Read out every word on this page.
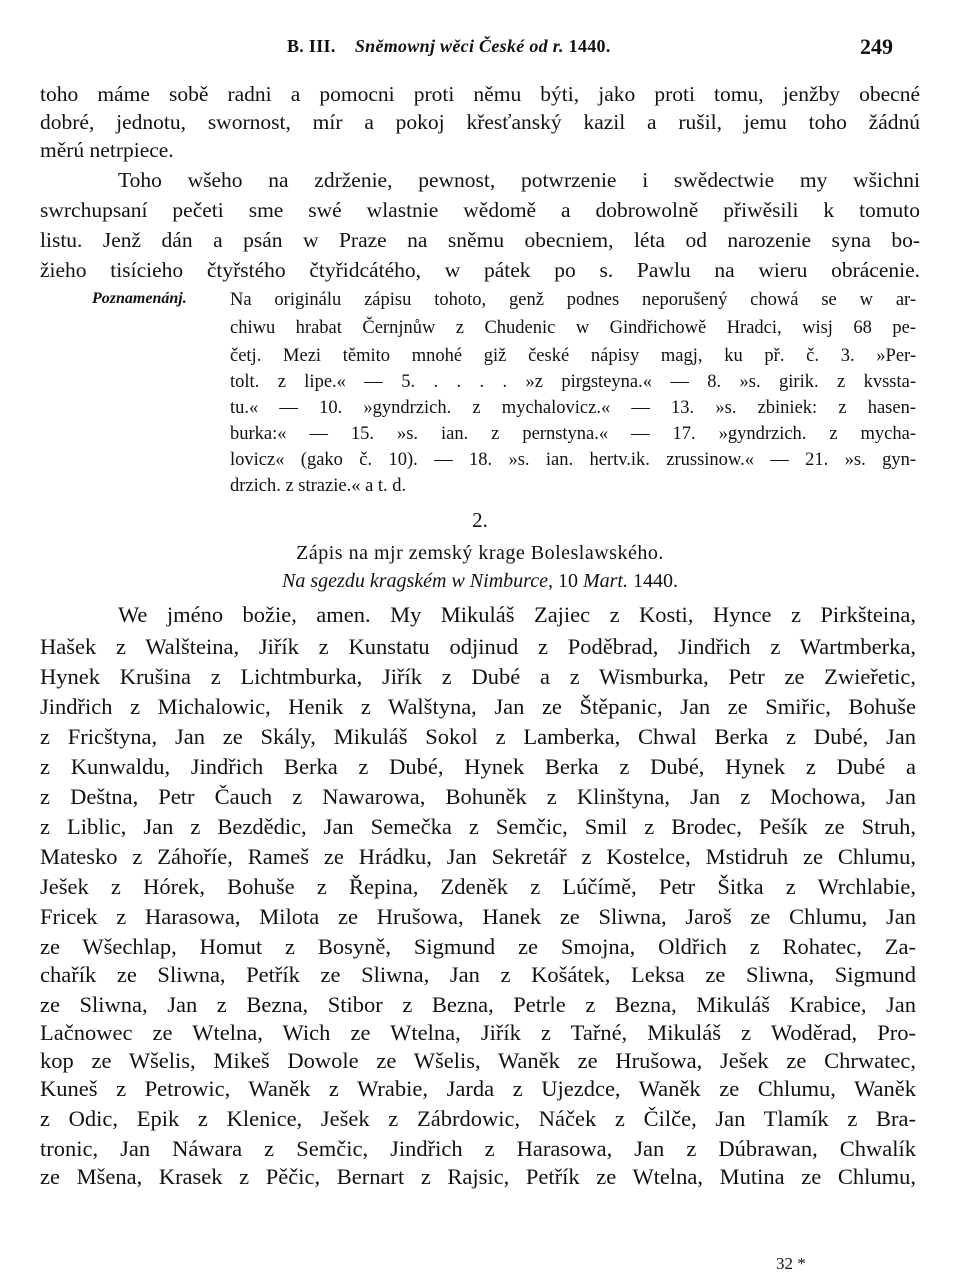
B. III. Sněmownj wěci České od r. 1440.	249
toho máme sobě radni a pomocni proti němu býti, jako proti tomu, jenžby obecné
dobré, jednotu, swornost, mír a pokoj křesťanský kazil a rušil, jemu toho žádnú
měrú netrpiece.
Toho wšeho na zdrženie, pewnost, potwrzenie i swědectwie my wšichni
swrchupsaní pečeti sme swé wlastnie wědomě a dobrowolně přiwěsili k tomuto
listu. Jenž dán a psán w Praze na sněmu obecniem, léta od narozenie syna bo-
žieho tisícieho čtyřstého čtyřidcátého, w pátek po s. Pawlu na wieru obrácenie.
Poznamenánj. Na originálu zápisu tohoto, genž podnes neporušený chowá se w ar-
chiwu hrabat Černjnůw z Chudenic w Gindřichowě Hradci, wisj 68 pe-
četj. Mezi těmito mnohé giž české nápisy magj, ku př. č. 3. »Per-
tolt. z lipe.« — 5. . . . . »z pirgsteyna.« — 8. »s. girik. z kvssta-
tu.« — 10. »gyndrzich. z mychalovicz.« — 13. »s. zbiniek: z hasen-
burka:« — 15. »s. ian. z pernstyna.« — 17. »gyndrzich. z mycha-
lovicz« (gako č. 10). — 18. »s. ian. hertv.ik. zrussinow.« — 21. »s. gyn-
drzich. z strazie.« a t. d.
2.
Zápis na mjr zemský krage Boleslawského.
Na sgezdu kragském w Nimburce, 10 Mart. 1440.
We jméno božie, amen. My Mikuláš Zajiec z Kosti, Hynce z Pirkšteina,
Hašek z Walšteina, Jiřík z Kunstatu odjinud z Poděbrad, Jindřich z Wartmberka,
Hynek Krušina z Lichtmburka, Jiřík z Dubé a z Wismburka, Petr ze Zwieřetic,
Jindřich z Michalowic, Henik z Walštyna, Jan ze Štěpanic, Jan ze Smiřic, Bohuše
z Fricštyna, Jan ze Skály, Mikuláš Sokol z Lamberka, Chwal Berka z Dubé, Jan
z Kunwaldu, Jindřich Berka z Dubé, Hynek Berka z Dubé, Hynek z Dubé a
z Deštna, Petr Čauch z Nawarowa, Bohuněk z Klinštyna, Jan z Mochowa, Jan
z Liblic, Jan z Bezdědic, Jan Semečka z Semčic, Smil z Brodec, Pešík ze Struh,
Matesko z Záhoříe, Rameš ze Hrádku, Jan Sekretář z Kostelce, Mstidruh ze Chlumu,
Ješek z Hórek, Bohuše z Řepina, Zdeněk z Lúčímě, Petr Šitka z Wrchlabie,
Fricek z Harasowa, Milota ze Hrušowa, Hanek ze Sliwna, Jaroš ze Chlumu, Jan
ze Wšechlap, Homut z Bosyně, Sigmund ze Smojna, Oldřich z Rohatec, Za-
chařík ze Sliwna, Petřík ze Sliwna, Jan z Košátek, Leksa ze Sliwna, Sigmund
ze Sliwna, Jan z Bezna, Stibor z Bezna, Petrle z Bezna, Mikuláš Krabice, Jan
Lačnowec ze Wtelna, Wich ze Wtelna, Jiřík z Tařné, Mikuláš z Woděrad, Pro-
kop ze Wšelis, Mikeš Dowole ze Wšelis, Waněk ze Hrušowa, Ješek ze Chrwatec,
Kuneš z Petrowic, Waněk z Wrabie, Jarda z Ujezdce, Waněk ze Chlumu, Waněk
z Odic, Epik z Klenice, Ješek z Zábrdowic, Náček z Čilče, Jan Tlamík z Bra-
tronic, Jan Náwara z Semčic, Jindřich z Harasowa, Jan z Dúbrawan, Chwalík
ze Mšena, Krasek z Pěčic, Bernart z Rajsic, Petřík ze Wtelna, Mutina ze Chlumu,
32 *
